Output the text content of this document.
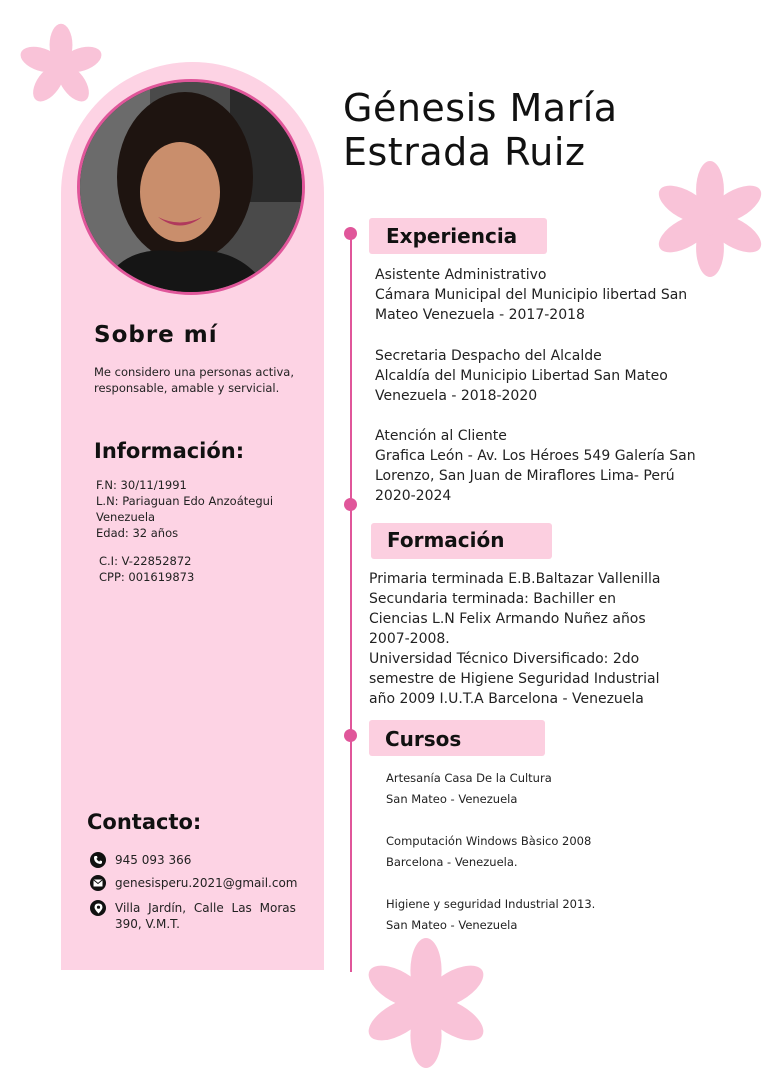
Sobre mí

Me considero una personas activa, responsable, amable y servicial.

Información:

F.N: 30/11/1991

L.N: Pariaguan Edo Anzoátegui

Venezuela

Edad: 32 años

C.I: V-22852872

CPP: 001619873

Contacto:
945 093 366
genesisperu.2021@gmail.com
Villa Jardín, Calle Las Moras
390, V.M.T.
Génesis María
Estrada Ruiz
Experiencia

Asistente Administrativo

Cámara Municipal del Municipio libertad San

Mateo Venezuela - 2017-2018

Secretaria Despacho del Alcalde

Alcaldía del Municipio Libertad San Mateo

Venezuela - 2018-2020

Atención al Cliente

Grafica León - Av. Los Héroes 549 Galería San

Lorenzo, San Juan de Miraflores Lima- Perú

2020-2024

Formación

Primaria terminada E.B.Baltazar Vallenilla

Secundaria terminada: Bachiller en

Ciencias L.N Felix Armando Nuñez años

2007-2008.

Universidad Técnico Diversificado: 2do

semestre de Higiene Seguridad Industrial

año 2009 I.U.T.A Barcelona - Venezuela

Cursos

Artesanía Casa De la Cultura

San Mateo - Venezuela

Computación Windows Bàsico 2008

Barcelona - Venezuela.

Higiene y seguridad Industrial 2013.

San Mateo - Venezuela
